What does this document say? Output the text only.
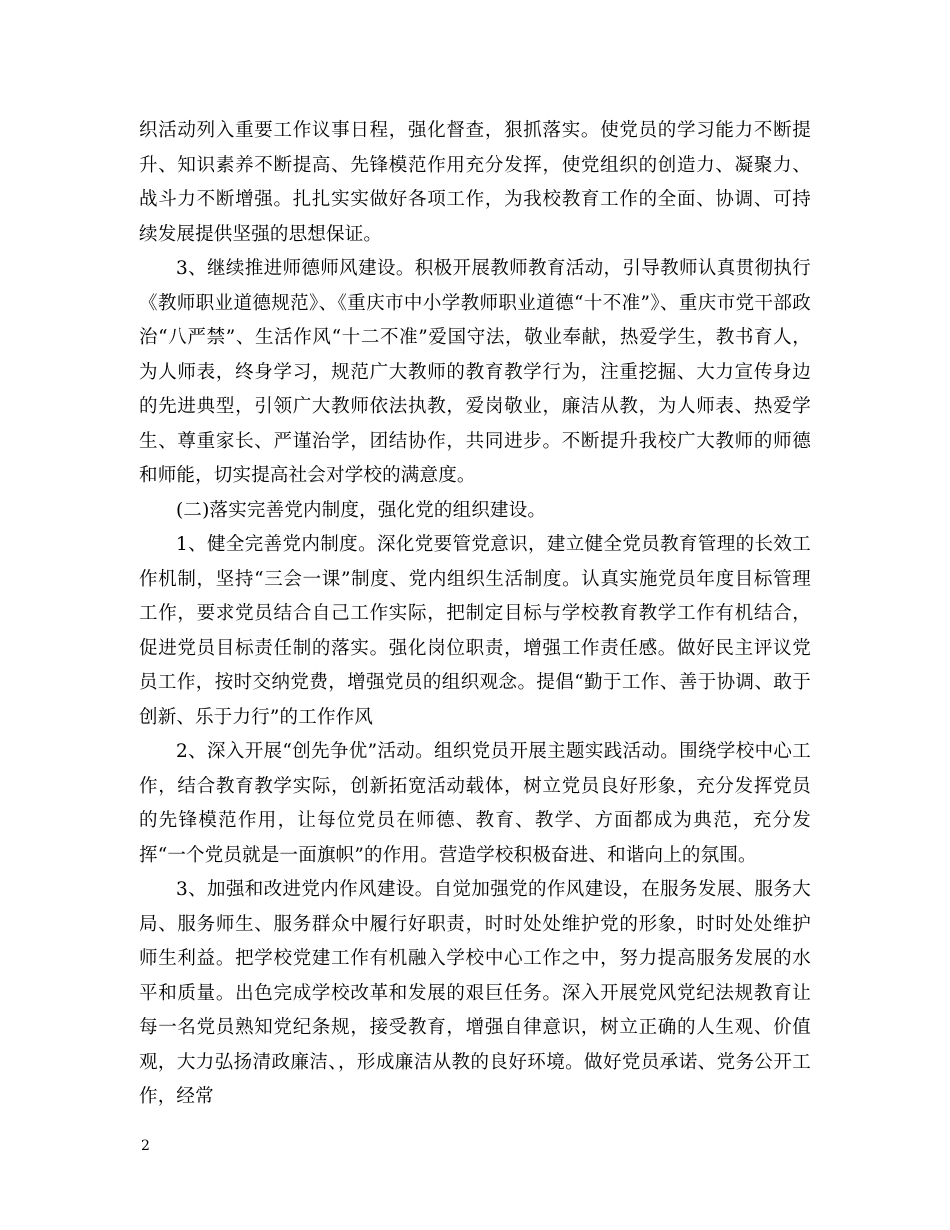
织活动列入重要工作议事日程，强化督查，狠抓落实。使党员的学习能力不断提升、知识素养不断提高、先锋模范作用充分发挥，使党组织的创造力、凝聚力、战斗力不断增强。扎扎实实做好各项工作，为我校教育工作的全面、协调、可持续发展提供坚强的思想保证。

3、继续推进师德师风建设。积极开展教师教育活动，引导教师认真贯彻执行《教师职业道德规范》、《重庆市中小学教师职业道德“十不准”》、重庆市党干部政治“八严禁”、生活作风“十二不准”爱国守法，敬业奉献，热爱学生，教书育人，为人师表，终身学习，规范广大教师的教育教学行为，注重挖掘、大力宣传身边的先进典型，引领广大教师依法执教，爱岗敬业，廉洁从教，为人师表、热爱学生、尊重家长、严谨治学，团结协作，共同进步。不断提升我校广大教师的师德和师能，切实提高社会对学校的满意度。

(二)落实完善党内制度，强化党的组织建设。

1、健全完善党内制度。深化党要管党意识，建立健全党员教育管理的长效工作机制，坚持“三会一课”制度、党内组织生活制度。认真实施党员年度目标管理工作，要求党员结合自己工作实际，把制定目标与学校教育教学工作有机结合，促进党员目标责任制的落实。强化岗位职责，增强工作责任感。做好民主评议党员工作，按时交纳党费，增强党员的组织观念。提倡“勤于工作、善于协调、敢于创新、乐于力行”的工作作风

2、深入开展“创先争优”活动。组织党员开展主题实践活动。围绕学校中心工作，结合教育教学实际，创新拓宽活动载体，树立党员良好形象，充分发挥党员的先锋模范作用，让每位党员在师德、教育、教学、方面都成为典范，充分发挥“一个党员就是一面旗帜”的作用。营造学校积极奋进、和谐向上的氛围。

3、加强和改进党内作风建设。自觉加强党的作风建设，在服务发展、服务大局、服务师生、服务群众中履行好职责，时时处处维护党的形象，时时处处维护师生利益。把学校党建工作有机融入学校中心工作之中，努力提高服务发展的水平和质量。出色完成学校改革和发展的艰巨任务。深入开展党风党纪法规教育让每一名党员熟知党纪条规，接受教育，增强自律意识，树立正确的人生观、价值观，大力弘扬清政廉洁、，形成廉洁从教的良好环境。做好党员承诺、党务公开工作，经常

2
